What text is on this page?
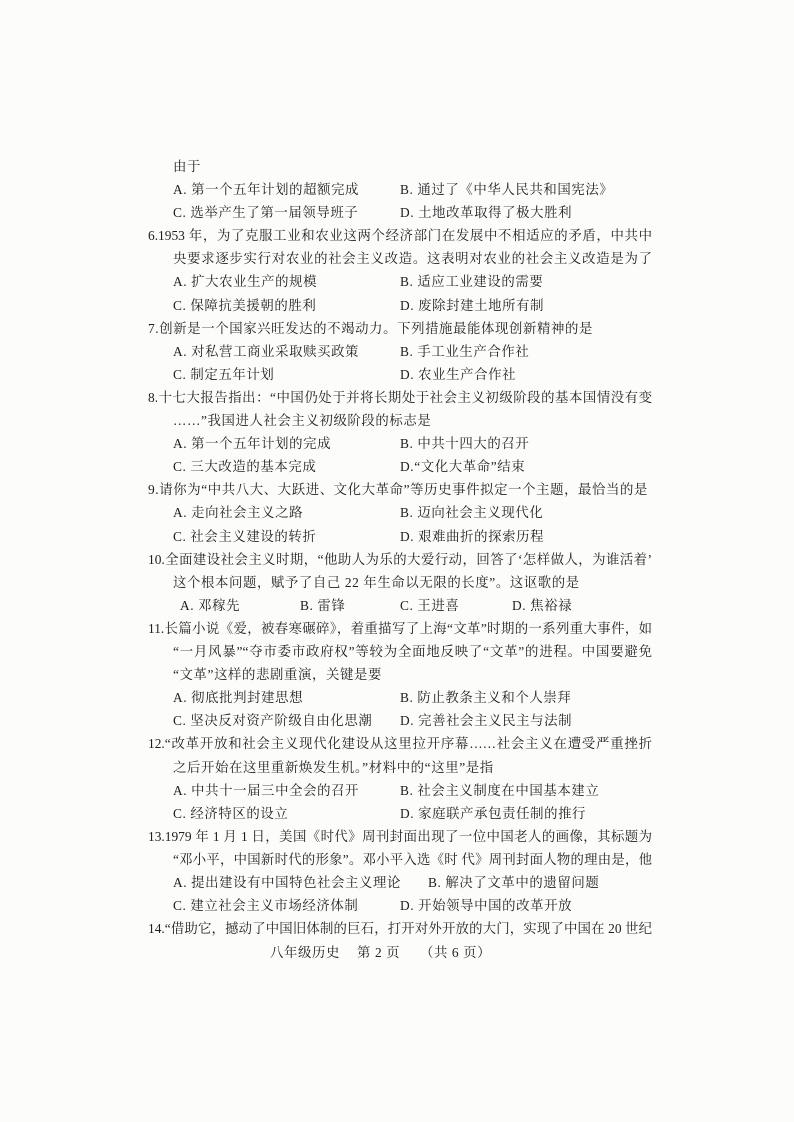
由于
A. 第一个五年计划的超额完成	B. 通过了《中华人民共和国宪法》
C. 选举产生了第一届领导班子	D. 土地改革取得了极大胜利
6.1953 年，为了克服工业和农业这两个经济部门在发展中不相适应的矛盾，中共中
央要求逐步实行对农业的社会主义改造。这表明对农业的社会主义改造是为了
A. 扩大农业生产的规模	B. 适应工业建设的需要
C. 保障抗美援朝的胜利	D. 废除封建土地所有制
7.创新是一个国家兴旺发达的不竭动力。下列措施最能体现创新精神的是
A. 对私营工商业采取赎买政策	B. 手工业生产合作社
C. 制定五年计划	D. 农业生产合作社
8.十七大报告指出：“中国仍处于并将长期处于社会主义初级阶段的基本国情没有变
……”我国进人社会主义初级阶段的标志是
A. 第一个五年计划的完成	B. 中共十四大的召开
C. 三大改造的基本完成	D.“文化大革命”结束
9.请你为“中共八大、大跃进、文化大革命”等历史事件拟定一个主题，最恰当的是
A. 走向社会主义之路	B. 迈向社会主义现代化
C. 社会主义建设的转折	D. 艰难曲折的探索历程
10.全面建设社会主义时期，“他助人为乐的大爱行动，回答了‘怎样做人，为谁活着’
这个根本问题，赋予了自己 22 年生命以无限的长度”。这讴歌的是
A. 邓稼先	B. 雷锋	C. 王进喜	D. 焦裕禄
11.长篇小说《爱，被春寒碾碎》，着重描写了上海“文革”时期的一系列重大事件，如
“一月风暴”“夺市委市政府权”等较为全面地反映了“文革”的进程。中国要避免
“文革”这样的悲剧重演，关键是要
A. 彻底批判封建思想	B. 防止教条主义和个人崇拜
C. 坚决反对资产阶级自由化思潮 D. 完善社会主义民主与法制
12.“改革开放和社会主义现代化建设从这里拉开序幕……社会主义在遭受严重挫折
之后开始在这里重新焕发生机。”材料中的“这里”是指
A. 中共十一届三中全会的召开	B. 社会主义制度在中国基本建立
C. 经济特区的设立	D. 家庭联产承包责任制的推行
13.1979 年 1 月 1 日，美国《时代》周刊封面出现了一位中国老人的画像，其标题为
“邓小平，中国新时代的形象”。邓小平入选《时 代》周刊封面人物的理由是，他
A. 提出建设有中国特色社会主义理论 B. 解决了文革中的遗留问题
C. 建立社会主义市场经济体制	D. 开始领导中国的改革开放
14.“借助它，撼动了中国旧体制的巨石，打开对外开放的大门，实现了中国在 20 世纪
八年级历史 第 2 页 （共 6 页）
